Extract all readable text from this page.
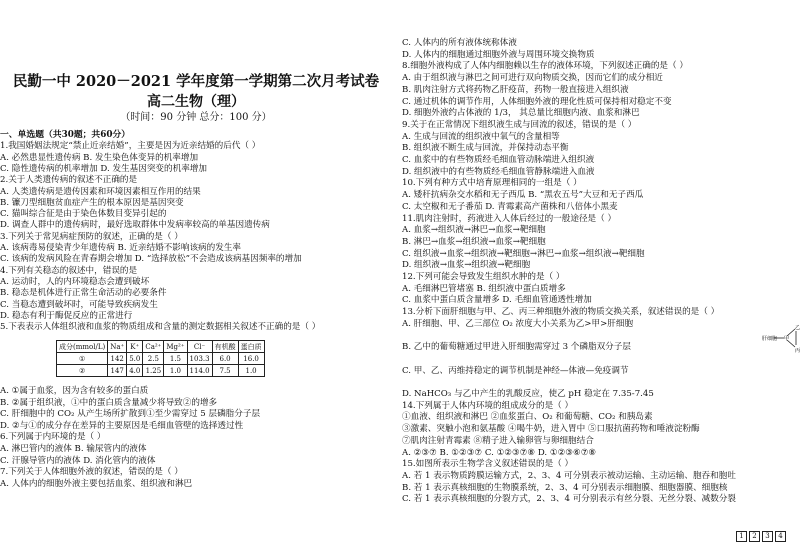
民勤一中 2020－2021 学年度第一学期第二次月考试卷
高二生物（理）
（时间：90 分钟 总分：100 分）
一、单选题（共30题；共60分）
1.我国婚姻法规定“禁止近亲结婚”，主要是因为近亲结婚的后代（ ）
A. 必然患显性遗传病 B. 发生染色体变异的机率增加
C. 隐性遗传病的机率增加 D. 发生基因突变的机率增加
2.关于人类遗传病的叙述不正确的是
A. 人类遗传病是遗传因素和环境因素相互作用的结果
B. 镰刀型细胞贫血症产生的根本原因是基因突变
C. 猫叫综合征是由于染色体数目变异引起的
D. 调查人群中的遗传病时，最好选取群体中发病率较高的单基因遗传病
3.下列关于常见病症预防的叙述，正确的是（ ）
A. 该病毒易侵染青少年遗传病 B. 近亲结婚不影响该病的发生率
C. 该病的发病风险在青春期会增加 D. “选择放松”不会造成该病基因频率的增加
4.下列有关稳态的叙述中，错误的是
A. 运动时，人的内环境稳态会遭到破坏
B. 稳态是机体进行正常生命活动的必要条件
C. 当稳态遭到破坏时，可能导致疾病发生
D. 稳态有利于酶促反应的正常进行
5.下表表示人体组织液和血浆的物质组成和含量的测定数据相关叙述不正确的是（ ）
成分(mmol/L)	Na⁺	K⁺	Ca²⁺	Mg²⁺	Cl⁻	有机酸	蛋白质
①	142	5.0	2.5	1.5	103.3	6.0	16.0
②	147	4.0	1.25	1.0	114.0	7.5	1.0
A. ①属于血浆，因为含有较多的蛋白质
B. ②属于组织液，①中的蛋白质含量减少将导致②的增多
C. 肝细胞中的 CO₂ 从产生场所扩散到①至少需穿过 5 层磷脂分子层
D. ②与①的成分存在差异的主要原因是毛细血管壁的选择透过性
6.下列属于内环境的是（ ）
A. 淋巴管内的液体 B. 输尿管内的液体
C. 汗腺导管内的液体 D. 消化管内的液体
7.下列关于人体细胞外液的叙述，错误的是（ ）
A. 人体内的细胞外液主要包括血浆、组织液和淋巴
C. 人体内的所有液体统称体液
D. 人体内的细胞通过细胞外液与周围环境交换物质
8.细胞外液构成了人体内细胞赖以生存的液体环境，下列叙述正确的是（ ）
A. 由于组织液与淋巴之间可进行双向物质交换，因而它们的成分相近
B. 肌肉注射方式将药物乙肝疫苗，药物一般直接进入组织液
C. 通过机体的调节作用，人体细胞外液的理化性质可保持相对稳定不变
D. 细胞外液约占体液的 1/3， 其总量比细胞内液、血浆和淋巴
9.关于在正常情况下组织液生成与回流的叙述，错误的是（ ）
A. 生成与回流的组织液中氧气的含量相等
B. 组织液不断生成与回流，并保持动态平衡
C. 血浆中的有些物质经毛细血管动脉端进入组织液
D. 组织液中的有些物质经毛细血管静脉端进入血液
10.下列有种方式中培育原理相同的一组是（ ）
A. 矮秆抗病杂交水稻和无子西瓜 B. “黑农五号”大豆和无子西瓜
C. 太空椒和无子番茄 D. 青霉素高产菌株和八倍体小黑麦
11.肌肉注射时，药液进入人体后经过的一般途径是（ ）
A. 血浆→组织液→淋巴→血浆→靶细胞
B. 淋巴→血浆→组织液→血浆→靶细胞
C. 组织液→血浆→组织液→靶细胞→淋巴→血浆→组织液→靶细胞
D. 组织液→血浆→组织液→靶细胞
12.下列可能会导致发生组织水肿的是（ ）
A. 毛细淋巴管堵塞 B. 组织液中蛋白质增多
C. 血浆中蛋白质含量增多 D. 毛细血管通透性增加
13.分析下面肝细胞与甲、乙、丙三种细胞外液的物质交换关系，叙述错误的是（ ）
A. 肝细胞、甲、乙三部位 O₂ 浓度大小关系为乙>甲>肝细胞
B. 乙中的葡萄糖通过甲进入肝细胞需穿过 3 个磷脂双分子层
C. 甲、乙、丙维持稳定的调节机制是神经—体液—免疫调节
D. NaHCO₃ 与乙中产生的乳酸反应，使乙 pH 稳定在 7.35-7.45
14.下列属于人体内环境的组成成分的是（ ）
①血液、组织液和淋巴 ②血浆蛋白、O₂ 和葡萄糖、CO₂ 和胰岛素
③激素、突触小泡和氨基酸 ④喝牛奶，进入胃中 ⑤口服抗菌药物和唾液淀粉酶
⑦肌肉注射青霉素 ⑧精子进入输卵管与卵细胞结合
A. ②③⑦ B. ①②③⑦ C. ①②③⑦⑧ D. ①②③⑥⑦⑧
15.如图所表示生物学含义叙述错误的是（ ）
A. 若 1 表示物质跨膜运输方式，2、3、4 可分别表示被动运输、主动运输、胞吞和胞吐
B. 若 1 表示真核细胞的生物膜系统，2、3、4 可分别表示细胞膜、细胞器膜、细胞核
C. 若 1 表示真核细胞的分裂方式，2、3、4 可分别表示有丝分裂、无丝分裂、减数分裂
肝细胞 甲
乙
丙
1	2	3	4
